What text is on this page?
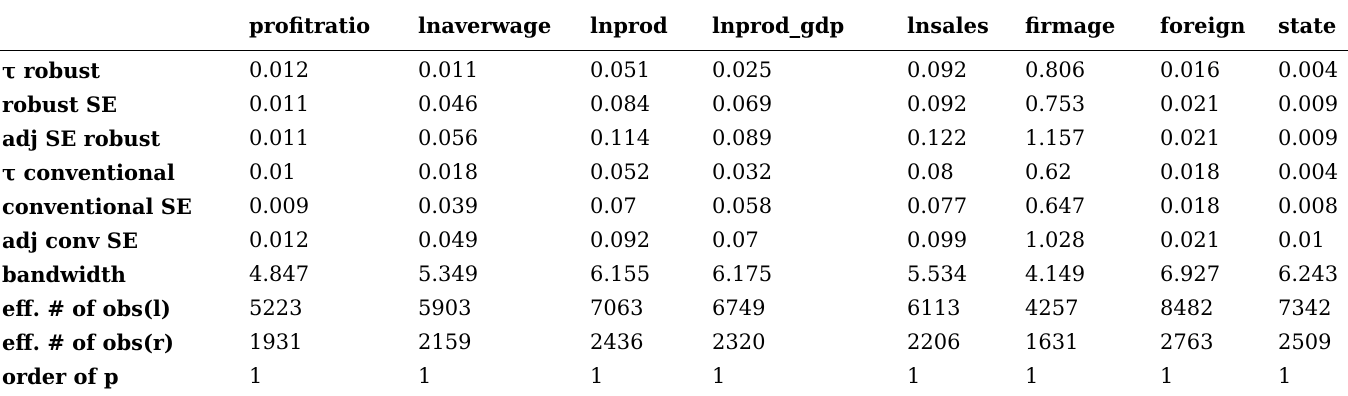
	profitratio	lnaverwage	lnprod	lnprod_gdp	lnsales	firmage	foreign	state
τ robust	0.012	0.011	0.051	0.025	0.092	0.806	0.016	0.004
robust SE	0.011	0.046	0.084	0.069	0.092	0.753	0.021	0.009
adj SE robust	0.011	0.056	0.114	0.089	0.122	1.157	0.021	0.009
τ conventional	0.01	0.018	0.052	0.032	0.08	0.62	0.018	0.004
conventional SE	0.009	0.039	0.07	0.058	0.077	0.647	0.018	0.008
adj conv SE	0.012	0.049	0.092	0.07	0.099	1.028	0.021	0.01
bandwidth	4.847	5.349	6.155	6.175	5.534	4.149	6.927	6.243
eff. # of obs(l)	5223	5903	7063	6749	6113	4257	8482	7342
eff. # of obs(r)	1931	2159	2436	2320	2206	1631	2763	2509
order of p	1	1	1	1	1	1	1	1
